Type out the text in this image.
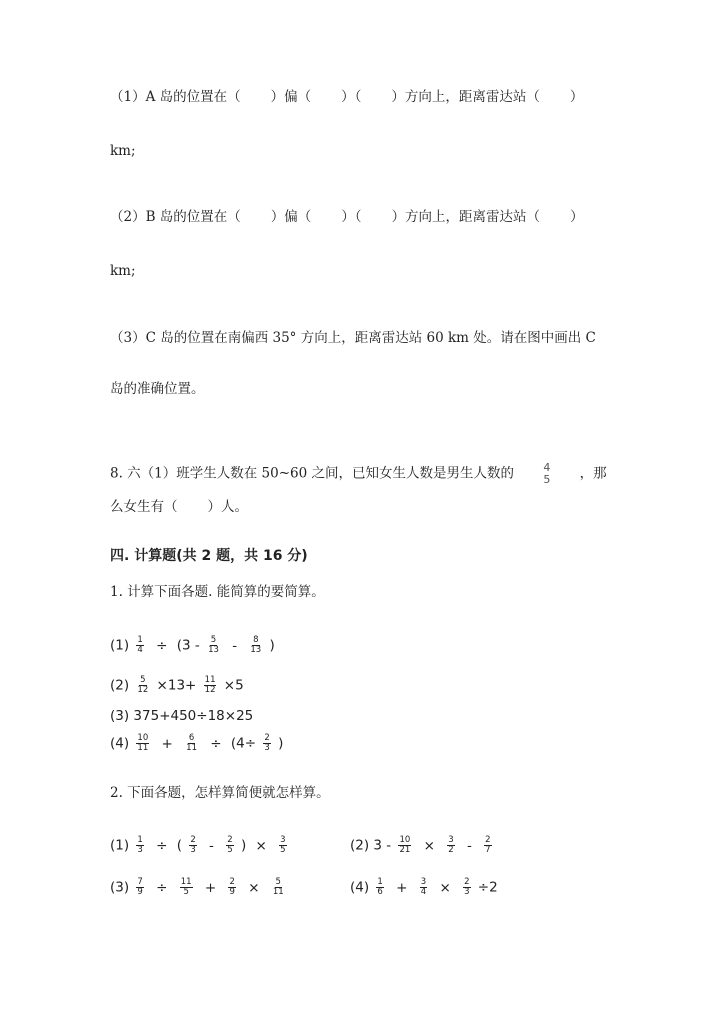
（1）A 岛的位置在（ ）偏（ ）（ ）方向上，距离雷达站（ ）
km;
（2）B 岛的位置在（ ）偏（ ）（ ）方向上，距离雷达站（ ）
km;
（3）C 岛的位置在南偏西 35° 方向上，距离雷达站 60 km 处。请在图中画出 C
岛的准确位置。
8. 六（1）班学生人数在 50~60 之间，已知女生人数是男生人数的	4
5 ，那
么女生有（ ）人。
四. 计算题(共 2 题，共 16 分)
1. 计算下面各题. 能简算的要简算。
$(1) \frac{1}{4} \div (3 - \frac{5}{13} - \frac{8}{13}$ )
$(2) \frac{5}{12} \times 13+ \frac{11}{12} \times 5$
(3) 375+450÷18×25
$(4) \frac{10}{11} + \frac{6}{11} \div (4\div \frac{2}{3}$ )
2. 下面各题，怎样算简便就怎样算。
$(1) \frac{1}{3}$ ÷ ( $\frac{2}{3} - \frac{2}{5}$ ) × $\frac{3}{5}$	(2) $3 - \frac{10}{21} \times \frac{3}{2} - \frac{2}{7}$
$(3) \frac{7}{9} \div \frac{11}{5} + \frac{2}{9} \times \frac{5}{11}$	$(4) \frac{1}{6} + \frac{3}{4} \times \frac{2}{3} \div 2$
